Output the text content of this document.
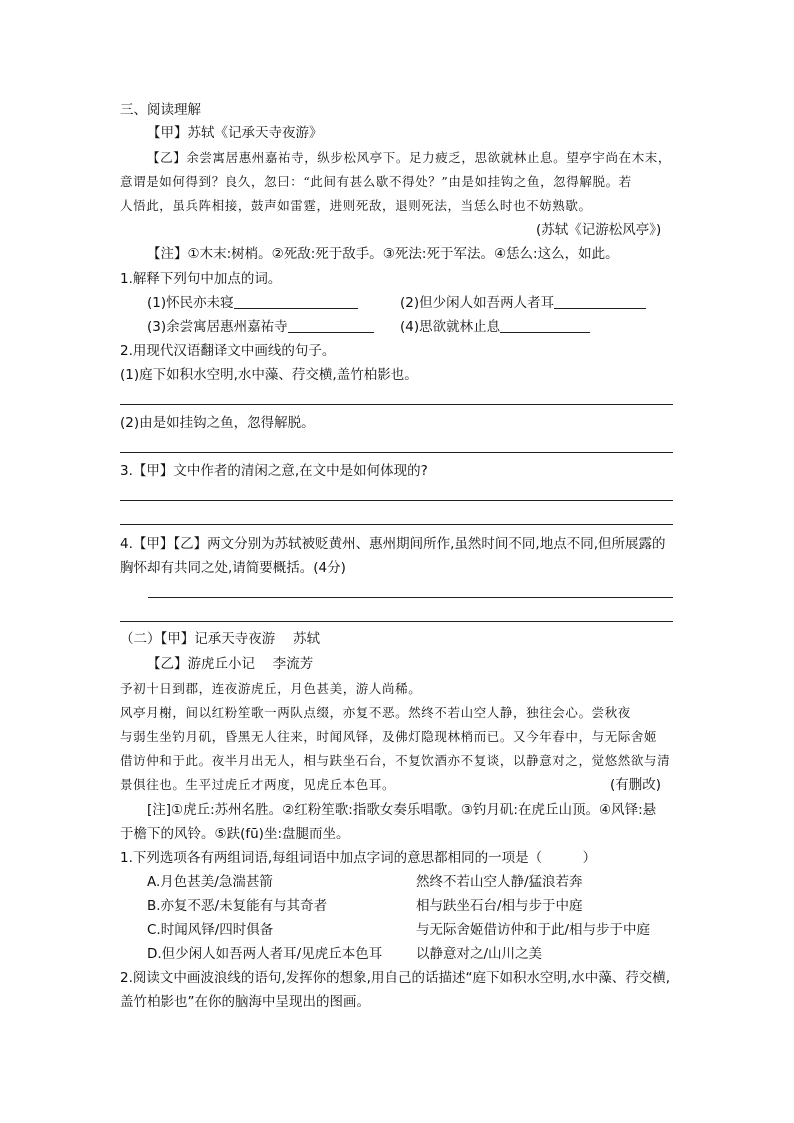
三、阅读理解
【甲】苏轼《记承天寺夜游》
【乙】余尝寓居惠州嘉祐寺，纵步松风亭下。足力疲乏，思欲就林止息。望亭宇尚在木末，
意谓是如何得到？良久，忽曰：“此间有甚么歇不得处？”由是如挂钩之鱼，忽得解脱。若
人悟此，虽兵阵相接，鼓声如雷霆，进则死敌，退则死法，当恁么时也不妨熟歇。
(苏轼《记游松风亭》)
【注】①木末:树梢。②死敌:死于敌手。③死法:死于军法。④恁么:这么，如此。
1.解释下列句中加点的词。
(1)怀民亦未寝	(2)但少闲人如吾两人者耳
(3)余尝寓居惠州嘉祐寺	(4)思欲就林止息
2.用现代汉语翻译文中画线的句子。
(1)庭下如积水空明,水中藻、荇交横,盖竹柏影也。
(2)由是如挂钩之鱼，忽得解脱。
3.【甲】文中作者的清闲之意,在文中是如何体现的?
4.【甲】【乙】两文分别为苏轼被贬黄州、惠州期间所作,虽然时间不同,地点不同,但所展露的
胸怀却有共同之处,请简要概括。(4分)
（二）【甲】记承天寺夜游　 苏轼
【乙】游虎丘小记　 李流芳
予初十日到郡，连夜游虎丘，月色甚美，游人尚稀。
风亭月榭，间以红粉笙歌一两队点缀，亦复不恶。然终不若山空人静，独往会心。尝秋夜
与弱生坐钓月矶，昏黑无人往来，时闻风铎，及佛灯隐现林梢而已。又今年春中，与无际舍姬
借访仲和于此。夜半月出无人，相与趺坐石台，不复饮酒亦不复谈，以静意对之，觉悠然欲与清
景俱往也。生平过虎丘才两度，见虎丘本色耳。	(有删改)
[注]①虎丘:苏州名胜。②红粉笙歌:指歌女奏乐唱歌。③钓月矶:在虎丘山顶。④风铎:悬
于檐下的风铃。⑤趺(fū)坐:盘腿而坐。
1.下列选项各有两组词语,每组词语中加点字词的意思都相同的一项是（　　　）
A.月色甚美/急湍甚箭	然终不若山空人静/猛浪若奔
B.亦复不恶/未复能有与其奇者	相与趺坐石台/相与步于中庭
C.时闻风铎/四时俱备	与无际舍姬借访仲和于此/相与步于中庭
D.但少闲人如吾两人者耳/见虎丘本色耳	以静意对之/山川之美
2.阅读文中画波浪线的语句,发挥你的想象,用自己的话描述“庭下如积水空明,水中藻、荇交横,
盖竹柏影也”在你的脑海中呈现出的图画。
